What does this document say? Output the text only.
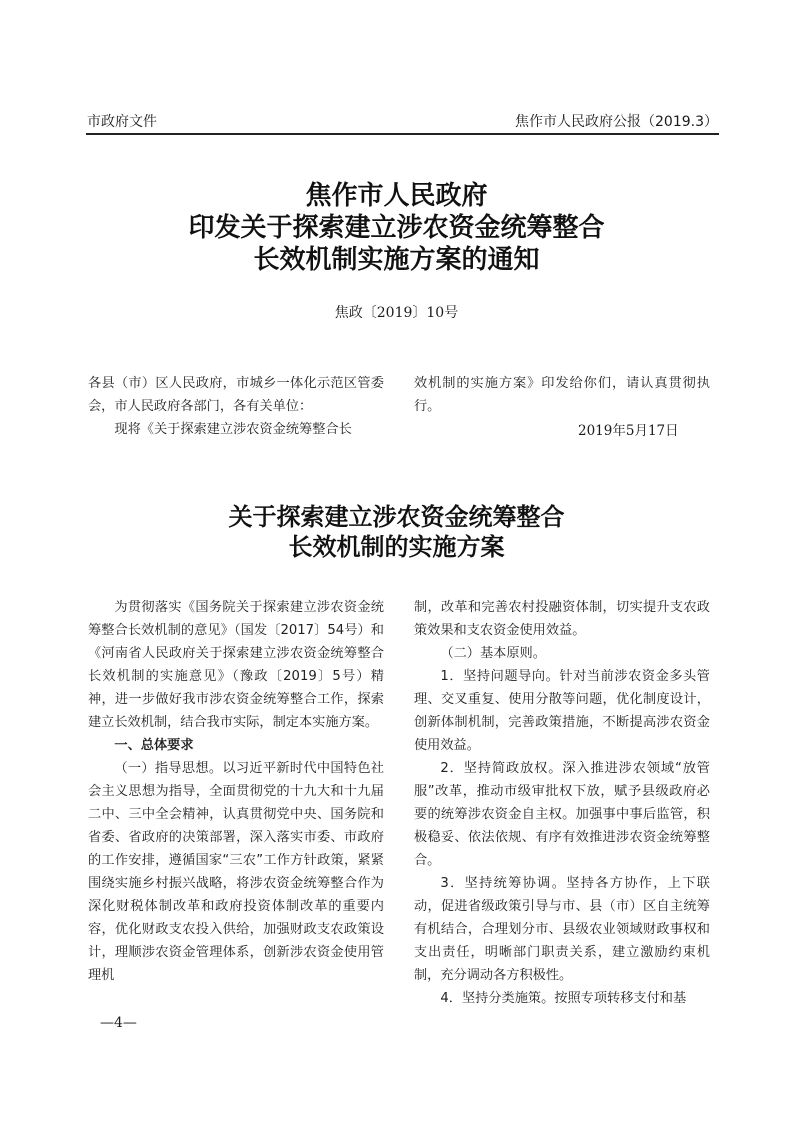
市政府文件	焦作市人民政府公报（2019.3）
焦作市人民政府
印发关于探索建立涉农资金统筹整合
长效机制实施方案的通知
焦政〔2019〕10号

各县（市）区人民政府，市城乡一体化示范区管委会，市人民政府各部门，各有关单位：

现将《关于探索建立涉农资金统筹整合长

效机制的实施方案》印发给你们，请认真贯彻执行。

2019年5月17日
关于探索建立涉农资金统筹整合
长效机制的实施方案

为贯彻落实《国务院关于探索建立涉农资金统筹整合长效机制的意见》（国发〔2017〕54号）和《河南省人民政府关于探索建立涉农资金统筹整合长效机制的实施意见》（豫政〔2019〕5号）精神，进一步做好我市涉农资金统筹整合工作，探索建立长效机制，结合我市实际，制定本实施方案。

一、总体要求

（一）指导思想。以习近平新时代中国特色社会主义思想为指导，全面贯彻党的十九大和十九届二中、三中全会精神，认真贯彻党中央、国务院和省委、省政府的决策部署，深入落实市委、市政府的工作安排，遵循国家“三农”工作方针政策，紧紧围绕实施乡村振兴战略，将涉农资金统筹整合作为深化财税体制改革和政府投资体制改革的重要内容，优化财政支农投入供给，加强财政支农政策设计，理顺涉农资金管理体系，创新涉农资金使用管理机

制，改革和完善农村投融资体制，切实提升支农政策效果和支农资金使用效益。

（二）基本原则。

1．坚持问题导向。针对当前涉农资金多头管理、交叉重复、使用分散等问题，优化制度设计，创新体制机制，完善政策措施，不断提高涉农资金使用效益。

2．坚持简政放权。深入推进涉农领域“放管服”改革，推动市级审批权下放，赋予县级政府必要的统筹涉农资金自主权。加强事中事后监管，积极稳妥、依法依规、有序有效推进涉农资金统筹整合。

3．坚持统筹协调。坚持各方协作，上下联动，促进省级政策引导与市、县（市）区自主统筹有机结合，合理划分市、县级农业领域财政事权和支出责任，明晰部门职责关系，建立激励约束机制，充分调动各方积极性。

4．坚持分类施策。按照专项转移支付和基

—4—
